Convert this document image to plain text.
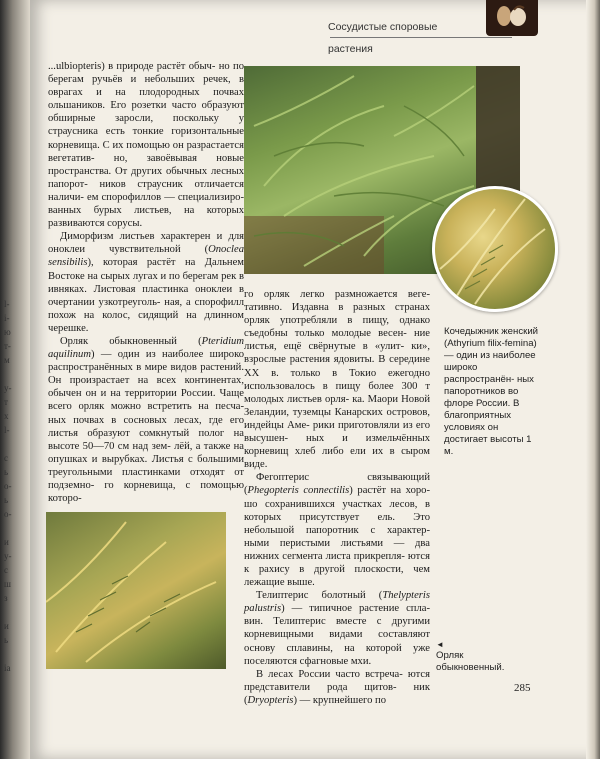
l-
i-
ю
т-
м
у-
т
х
l-
с
ь
о-
ь
о-
и
у-
с
ш
з
и
ь
ia
Сосудистые споровые растения

...ulbiopteris) в природе растёт обыч- но по берегам ручьёв и небольших речек, в оврагах и на плодородных почвах ольшаников. Его розетки часто образуют обширные заросли, поскольку у страусника есть тонкие горизонтальные корневища. С их помощью он разрастается вегетатив- но, завоёвывая новые пространства. От других обычных лесных папорот- ников страусник отличается наличи- ем спорофиллов — специализиро- ванных бурых листьев, на которых развиваются сорусы.

Диморфизм листьев характерен и для оноклеи чувствительной (Onoclea sensibilis), которая растёт на Дальнем Востоке на сырых лугах и по берегам рек в ивняках. Листовая пластинка оноклеи в очертании узкотреуголь- ная, а спорофилл похож на колос, сидящий на длинном черешке.

Орляк обыкновенный (Pteridium aquilinum) — один из наиболее широко распространённых в мире видов растений. Он произрастает на всех континентах, обычен он и на территории России. Чаще всего орляк можно встретить на песча- ных почвах в сосновых лесах, где его листья образуют сомкнутый полог на высоте 50—70 см над зем- лёй, а также на опушках и вырубках. Листья с большими треугольными пластинками отходят от подземно- го корневища, с помощью которо-

го орляк легко размножается веге- тативно. Издавна в разных странах орляк употребляли в пищу, однако съедобны только молодые весен- ние листья, ещё свёрнутые в «улит- ки», взрослые растения ядовиты. В середине XX в. только в Токио ежегодно использовалось в пищу более 300 т молодых листьев орля- ка. Маори Новой Зеландии, туземцы Канарских островов, индейцы Аме- рики приготовляли из его высушен- ных и измельчённых корневищ хлеб либо ели их в сыром виде.

Фегоптерис связывающий (Phegopteris connectilis) растёт на хоро- шо сохранившихся участках лесов, в которых присутствует ель. Это небольшой папоротник с характер- ными перистыми листьями — два нижних сегмента листа прикрепля- ются к рахису в другой плоскости, чем лежащие выше.

Телиптерис болотный (Thelypteris palustris) — типичное растение спла- вин. Телиптерис вместе с другими корневищными видами составляют основу сплавины, на которой уже поселяются сфагновые мхи.

В лесах России часто встреча- ются представители рода щитов- ник (Dryopteris) — крупнейшего по

Кочедыжник женский (Athyrium filix-femina) — один из наиболее широко распространён- ных папоротников во флоре России. В благоприятных условиях он достигает высоты 1 м.
◄
Орляк обыкновенный.
285
